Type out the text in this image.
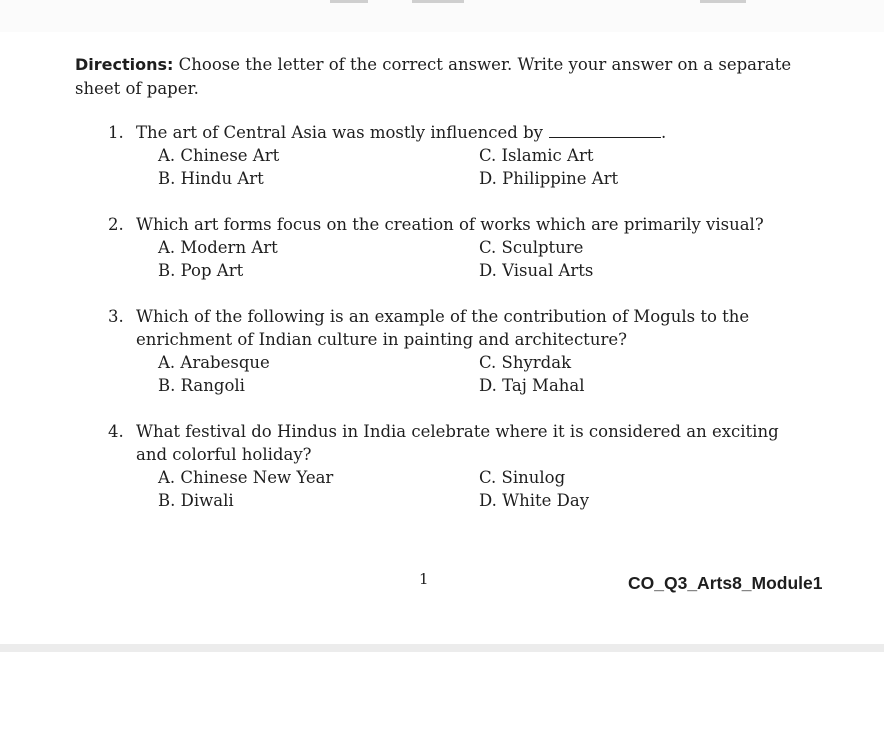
Directions: Choose the letter of the correct answer. Write your answer on a separate sheet of paper.
1. The art of Central Asia was mostly influenced by	.
A. Chinese Art	C. Islamic Art
B. Hindu Art	D. Philippine Art
2. Which art forms focus on the creation of works which are primarily visual?
A. Modern Art	C. Sculpture
B. Pop Art	D. Visual Arts
3. Which of the following is an example of the contribution of Moguls to the enrichment of Indian culture in painting and architecture?
A. Arabesque	C. Shyrdak
B. Rangoli	D. Taj Mahal
4. What festival do Hindus in India celebrate where it is considered an exciting and colorful holiday?
A. Chinese New Year	C. Sinulog
B. Diwali	D. White Day
1	CO_Q3_Arts8_Module1
